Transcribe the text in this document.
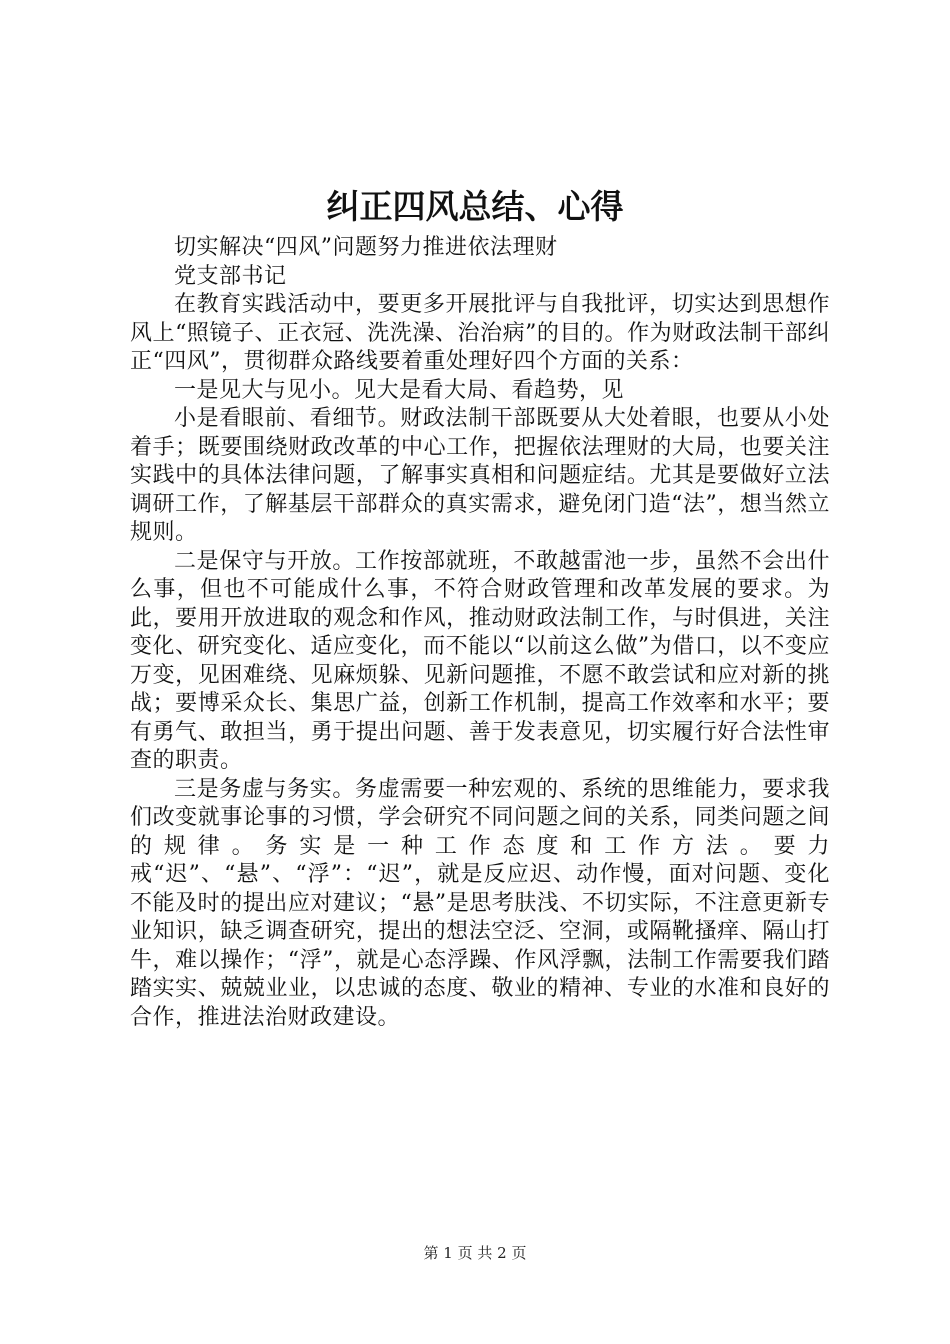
纠正四风总结、心得

切实解决“四风”问题努力推进依法理财

党支部书记

在教育实践活动中，要更多开展批评与自我批评，切实达到思想作风上“照镜子、正衣冠、洗洗澡、治治病”的目的。作为财政法制干部纠正“四风”，贯彻群众路线要着重处理好四个方面的关系：

一是见大与见小。见大是看大局、看趋势，见

小是看眼前、看细节。财政法制干部既要从大处着眼，也要从小处着手；既要围绕财政改革的中心工作，把握依法理财的大局，也要关注实践中的具体法律问题，了解事实真相和问题症结。尤其是要做好立法调研工作，了解基层干部群众的真实需求，避免闭门造“法”，想当然立规则。

二是保守与开放。工作按部就班，不敢越雷池一步，虽然不会出什么事，但也不可能成什么事，不符合财政管理和改革发展的要求。为此，要用开放进取的观念和作风，推动财政法制工作，与时俱进，关注变化、研究变化、适应变化，而不能以“以前这么做”为借口，以不变应万变，见困难绕、见麻烦躲、见新问题推，不愿不敢尝试和应对新的挑战；要博采众长、集思广益，创新工作机制，提高工作效率和水平；要有勇气、敢担当，勇于提出问题、善于发表意见，切实履行好合法性审查的职责。

三是务虚与务实。务虚需要一种宏观的、系统的思维能力，要求我们改变就事论事的习惯，学会研究不同问题之间的关系，同类问题之间的规律。务实是一种工作态度和工作方法。要力戒“迟”、“悬”、“浮”：“迟”，就是反应迟、动作慢，面对问题、变化不能及时的提出应对建议；“悬”是思考肤浅、不切实际，不注意更新专业知识，缺乏调查研究，提出的想法空泛、空洞，或隔靴搔痒、隔山打牛，难以操作；“浮”，就是心态浮躁、作风浮飘，法制工作需要我们踏踏实实、兢兢业业，以忠诚的态度、敬业的精神、专业的水准和良好的合作，推进法治财政建设。

第 1 页 共 2 页
